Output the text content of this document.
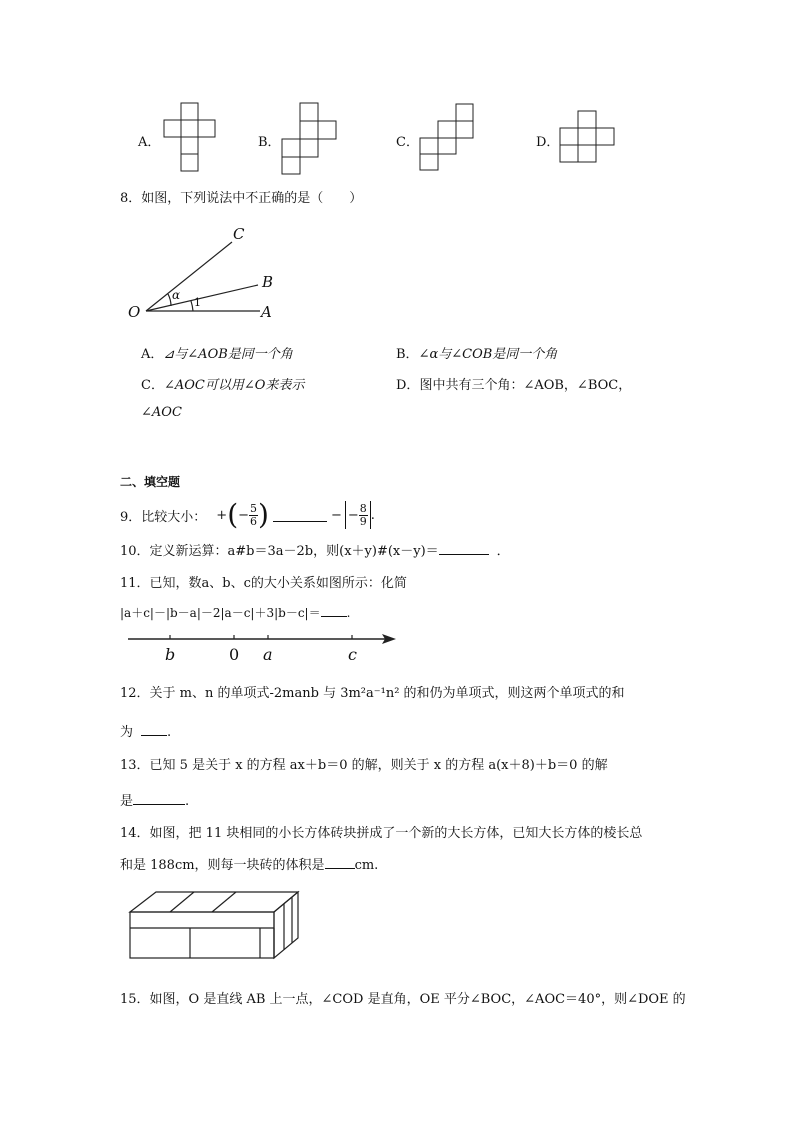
A．	B．	C．	D．
8．如图，下列说法中不正确的是（　　）
C
B
O	A
α
1
A．⊿与∠AOB是同一个角	B．∠α与∠COB是同一个角
C．∠AOC可以用∠O来表示	D．图中共有三个角：∠AOB，∠BOC，
∠AOC
二、填空题
9．比较大小： + ( − $\frac{5}{6}$ )	− − $\frac{8}{9}$ .
10．定义新运算：a#b＝3a－2b，则(x＋y)#(x－y)＝	．
11．已知，数a、b、c的大小关系如图所示：化简
|a＋c|－|b－a|－2|a－c|＋3|b－c|＝ .
b	0 a	c
12．关于 m、n 的单项式-2manb 与 3m²a⁻¹n² 的和仍为单项式，则这两个单项式的和
为	.
13．已知 5 是关于 x 的方程 ax＋b＝0 的解，则关于 x 的方程 a(x＋8)＋b＝0 的解
是	.
14．如图，把 11 块相同的小长方体砖块拼成了一个新的大长方体，已知大长方体的棱长总
和是 188cm，则每一块砖的体积是 cm.
15．如图，O 是直线 AB 上一点，∠COD 是直角，OE 平分∠BOC，∠AOC＝40°，则∠DOE 的
